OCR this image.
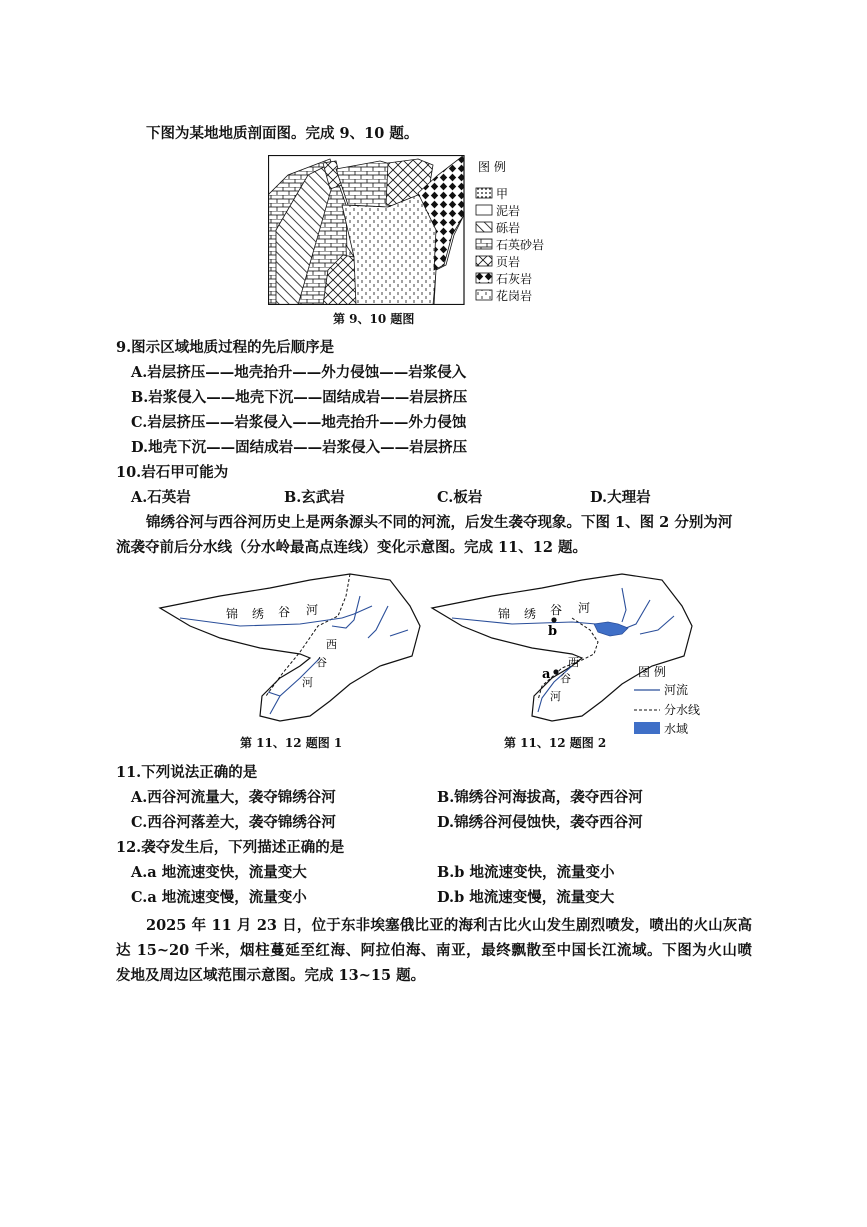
下图为某地地质剖面图。完成 9、10 题。
图 例
甲
泥岩
砾岩
石英砂岩
页岩
石灰岩
花岗岩
第 9、10 题图
9.图示区域地质过程的先后顺序是
A.岩层挤压——地壳抬升——外力侵蚀——岩浆侵入
B.岩浆侵入——地壳下沉——固结成岩——岩层挤压
C.岩层挤压——岩浆侵入——地壳抬升——外力侵蚀
D.地壳下沉——固结成岩——岩浆侵入——岩层挤压
10.岩石甲可能为
A.石英岩	B.玄武岩	C.板岩	D.大理岩
锦绣谷河与西谷河历史上是两条源头不同的河流，后发生袭夺现象。下图 1、图 2 分别为河
流袭夺前后分水线（分水岭最高点连线）变化示意图。完成 11、12 题。
锦 绣 谷 河
西
谷
河
b
a
锦 绣 谷 河
西
谷
河
图 例
河流
分水线
水域
第 11、12 题图 1	第 11、12 题图 2
11.下列说法正确的是
A.西谷河流量大，袭夺锦绣谷河	B.锦绣谷河海拔高，袭夺西谷河
C.西谷河落差大，袭夺锦绣谷河	D.锦绣谷河侵蚀快，袭夺西谷河
12.袭夺发生后，下列描述正确的是
A.a 地流速变快，流量变大	B.b 地流速变快，流量变小
C.a 地流速变慢，流量变小	D.b 地流速变慢，流量变大
2025 年 11 月 23 日，位于东非埃塞俄比亚的海利古比火山发生剧烈喷发，喷出的火山灰高
达 15~20 千米，烟柱蔓延至红海、阿拉伯海、南亚，最终飘散至中国长江流域。下图为火山喷
发地及周边区域范围示意图。完成 13~15 题。
